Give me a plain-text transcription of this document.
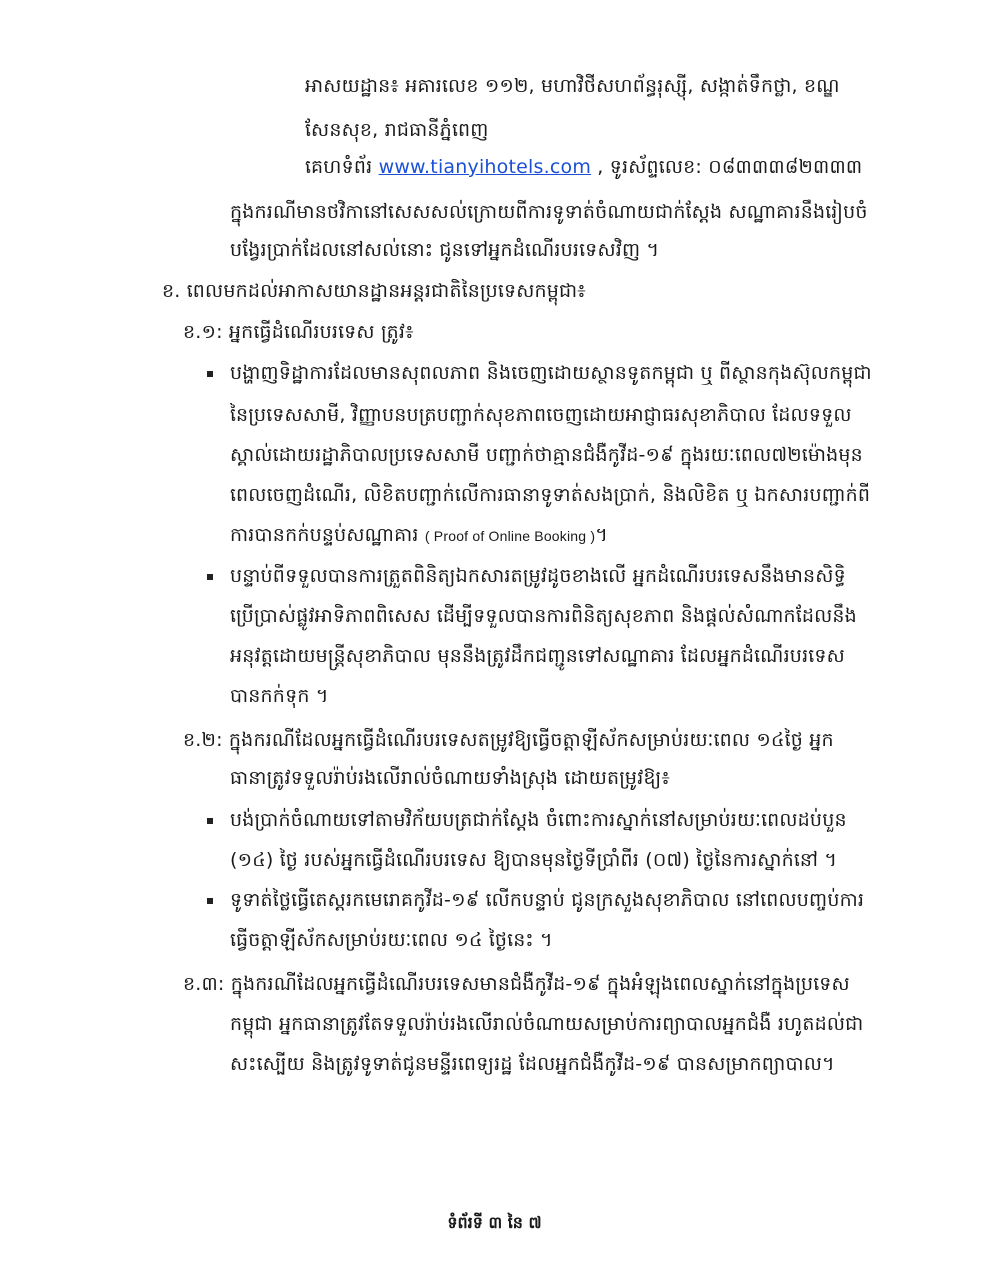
អាសយដ្ឋាន៖ អគារលេខ ១១២, មហាវិថីសហព័ន្ធរុស្ស៊ី, សង្កាត់ទឹកថ្លា, ខណ្ឌ
សែនសុខ, រាជធានីភ្នំពេញ
គេហទំព័រ www.tianyihotels.com , ទូរស័ព្ទលេខ: ០៨៣៣៣៨២៣៣៣
ក្នុងករណីមានថវិកានៅសេសសល់ក្រោយពីការទូទាត់ចំណាយជាក់ស្តែង សណ្ឋាគារនឹងរៀបចំ
បង្វែរប្រាក់ដែលនៅសល់នោះ ជូនទៅអ្នកដំណើរបរទេសវិញ ។
ខ. ពេលមកដល់អាកាសយានដ្ឋានអន្តរជាតិនៃប្រទេសកម្ពុជា៖
ខ.១: អ្នកធ្វើដំណើរបរទេស ត្រូវ៖
បង្ហាញទិដ្ឋាការដែលមានសុពលភាព និងចេញដោយស្ថានទូតកម្ពុជា ឬ ពីស្ថានកុងស៊ុលកម្ពុជា
នៃប្រទេសសាមី, វិញ្ញាបនបត្របញ្ជាក់សុខភាពចេញដោយអាជ្ញាធរសុខាភិបាល ដែលទទួល
ស្គាល់ដោយរដ្ឋាភិបាលប្រទេសសាមី បញ្ជាក់ថាគ្មានជំងឺកូវីដ-១៩ ក្នុងរយៈពេល៧២ម៉ោងមុន
ពេលចេញដំណើរ, លិខិតបញ្ជាក់លើការធានាទូទាត់សងប្រាក់, និងលិខិត ឬ ឯកសារបញ្ជាក់ពី
ការបានកក់បន្ទប់សណ្ឋាគារ ( Proof of Online Booking )។
បន្ទាប់ពីទទួលបានការត្រួតពិនិត្យឯកសារតម្រូវដូចខាងលើ អ្នកដំណើរបរទេសនឹងមានសិទ្ធិ
ប្រើប្រាស់ផ្លូវអាទិភាពពិសេស ដើម្បីទទួលបានការពិនិត្យសុខភាព និងផ្តល់សំណាកដែលនឹង
អនុវត្តដោយមន្ត្រីសុខាភិបាល មុននឹងត្រូវដឹកជញ្ជូនទៅសណ្ឋាគារ ដែលអ្នកដំណើរបរទេស
បានកក់ទុក ។
ខ.២: ក្នុងករណីដែលអ្នកធ្វើដំណើរបរទេសតម្រូវឱ្យធ្វើចត្តាឡីស័កសម្រាប់រយៈពេល ១៤ថ្ងៃ អ្នក
ធានាត្រូវទទួលរ៉ាប់រងលើរាល់ចំណាយទាំងស្រុង ដោយតម្រូវឱ្យ៖
បង់ប្រាក់ចំណាយទៅតាមវិក័យបត្រជាក់ស្តែង ចំពោះការស្នាក់នៅសម្រាប់រយៈពេលដប់បួន
(១៤) ថ្ងៃ របស់អ្នកធ្វើដំណើរបរទេស ឱ្យបានមុនថ្ងៃទីប្រាំពីរ (០៧) ថ្ងៃនៃការស្នាក់នៅ ។
ទូទាត់ថ្លៃធ្វើតេស្តរកមេរោគកូវីដ-១៩ លើកបន្ទាប់ ជូនក្រសួងសុខាភិបាល នៅពេលបញ្ចប់ការ
ធ្វើចត្តាឡីស័កសម្រាប់រយៈពេល ១៤ ថ្ងៃនេះ ។
ខ.៣: ក្នុងករណីដែលអ្នកធ្វើដំណើរបរទេសមានជំងឺកូវីដ-១៩ ក្នុងអំឡុងពេលស្នាក់នៅក្នុងប្រទេស
កម្ពុជា អ្នកធានាត្រូវតែទទួលរ៉ាប់រងលើរាល់ចំណាយសម្រាប់ការព្យាបាលអ្នកជំងឺ រហូតដល់ជា
សះស្បើយ និងត្រូវទូទាត់ជូនមន្ទីរពេទ្យរដ្ឋ ដែលអ្នកជំងឺកូវីដ-១៩ បានសម្រាកព្យាបាល។
ទំព័រទី ៣ នៃ ៧
